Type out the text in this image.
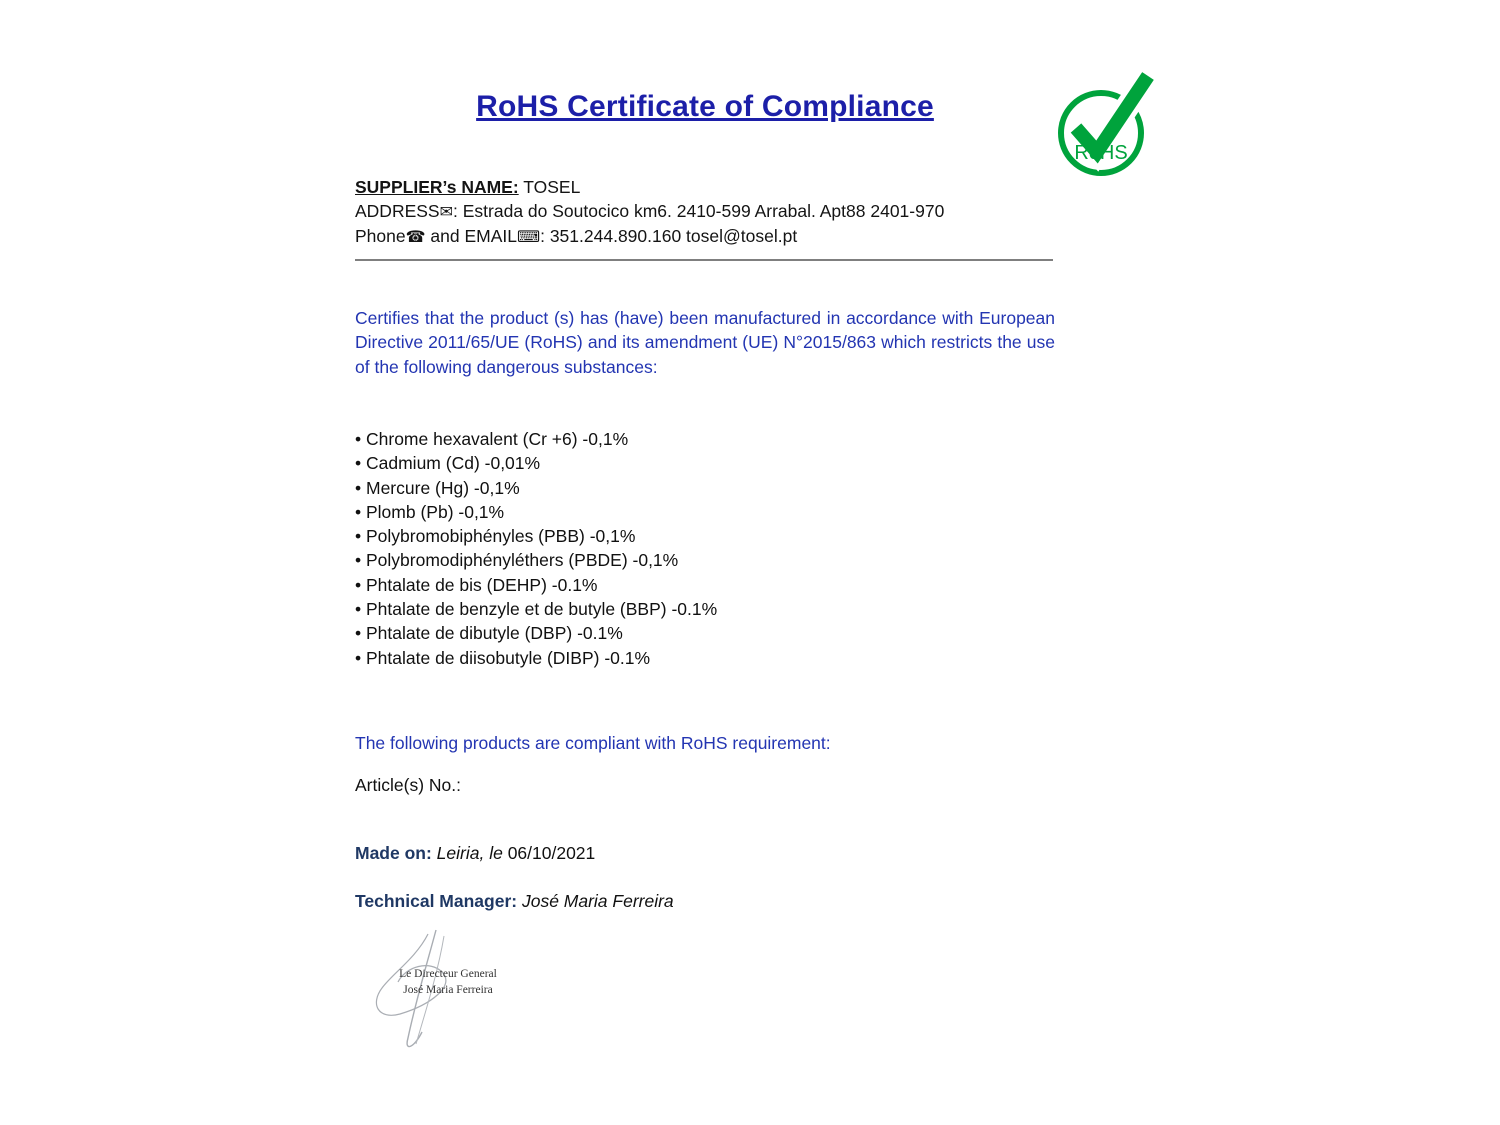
RoHS Certificate of Compliance
RoHS
SUPPLIER’s NAME: TOSEL
ADDRESS✉: Estrada do Soutocico km6. 2410-599 Arrabal. Apt88 2401-970
Phone☎ and EMAIL⌨: 351.244.890.160 tosel@tosel.pt
Certifies that the product (s) has (have) been manufactured in accordance with European Directive 2011/65/UE (RoHS) and its amendment (UE) N°2015/863 which restricts the use of the following dangerous substances:
• Chrome hexavalent (Cr +6) -0,1%
• Cadmium (Cd) -0,01%
• Mercure (Hg) -0,1%
• Plomb (Pb) -0,1%
• Polybromobiphényles (PBB) -0,1%
• Polybromodiphényléthers (PBDE) -0,1%
• Phtalate de bis (DEHP) -0.1%
• Phtalate de benzyle et de butyle (BBP) -0.1%
• Phtalate de dibutyle (DBP) -0.1%
• Phtalate de diisobutyle (DIBP) -0.1%
The following products are compliant with RoHS requirement:
Article(s) No.:
Made on: Leiria, le 06/10/2021
Technical Manager: José Maria Ferreira
Le Directeur General
José Maria Ferreira
